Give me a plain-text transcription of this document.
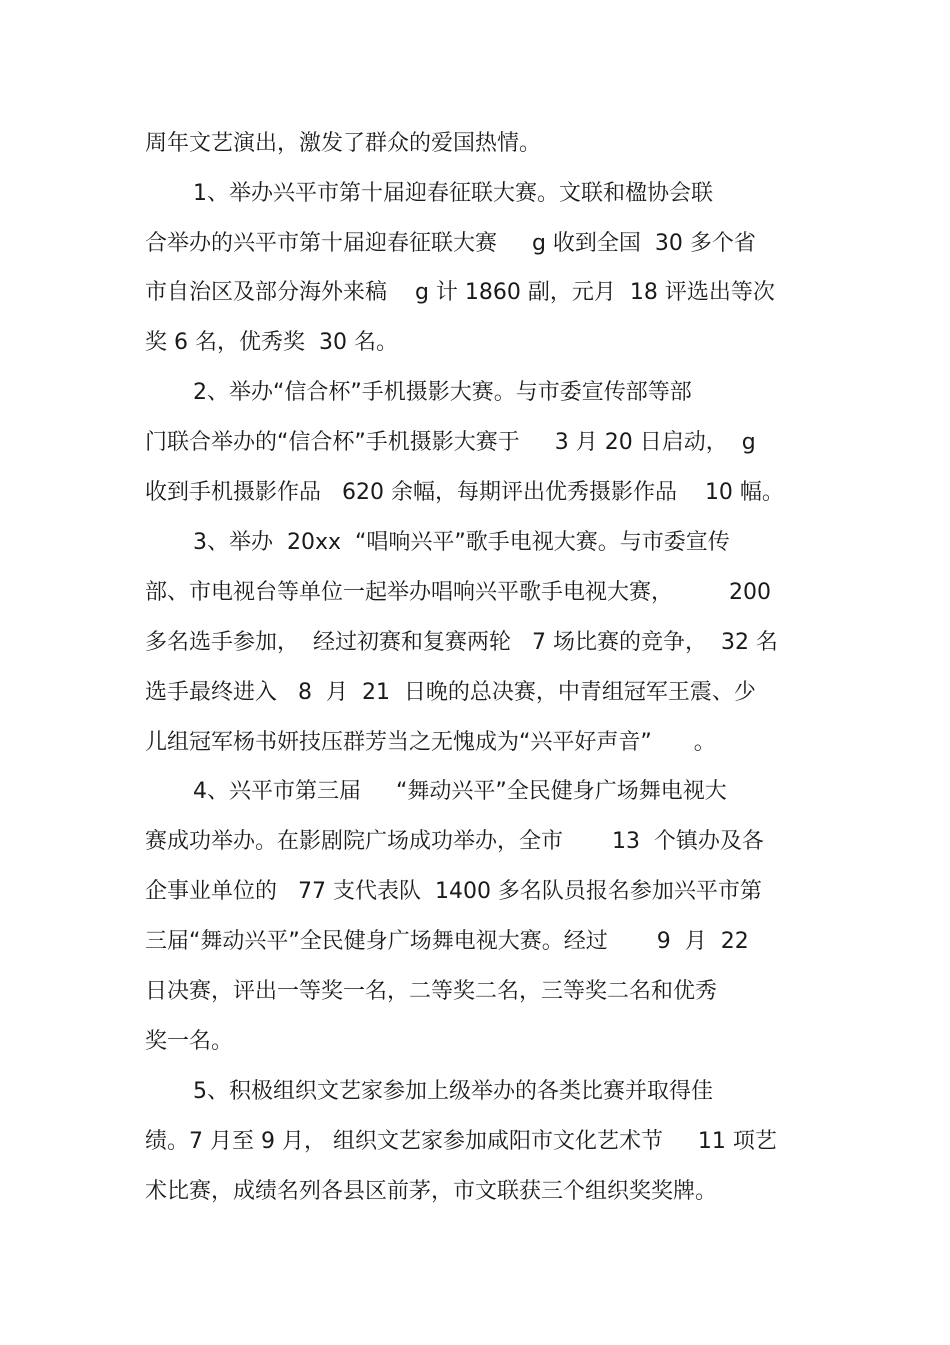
周年文艺演出，激发了群众的爱国热情。
1、举办兴平市第十届迎春征联大赛。文联和楹协会联
合举办的兴平市第十届迎春征联大赛     g 收到全国  30 多个省
市自治区及部分海外来稿    g 计 1860 副，元月  18 评选出等次
奖 6 名，优秀奖  30 名。
2、举办“信合杯”手机摄影大赛。与市委宣传部等部
门联合举办的“信合杯”手机摄影大赛于     3 月 20 日启动，  g
收到手机摄影作品   620 余幅，每期评出优秀摄影作品    10 幅。
3、举办  20xx  “唱响兴平”歌手电视大赛。与市委宣传
部、市电视台等单位一起举办唱响兴平歌手电视大赛，        200
多名选手参加，  经过初赛和复赛两轮   7 场比赛的竞争，  32 名
选手最终进入   8  月  21  日晚的总决赛，中青组冠军王震、少
儿组冠军杨书妍技压群芳当之无愧成为“兴平好声音”      。
4、兴平市第三届     “舞动兴平”全民健身广场舞电视大
赛成功举办。在影剧院广场成功举办，全市       13  个镇办及各
企事业单位的   77 支代表队  1400 多名队员报名参加兴平市第
三届“舞动兴平”全民健身广场舞电视大赛。经过       9  月  22
日决赛，评出一等奖一名，二等奖二名，三等奖二名和优秀
奖一名。
5、积极组织文艺家参加上级举办的各类比赛并取得佳
绩。7 月至 9 月， 组织文艺家参加咸阳市文化艺术节     11 项艺
术比赛，成绩名列各县区前茅，市文联获三个组织奖奖牌。
